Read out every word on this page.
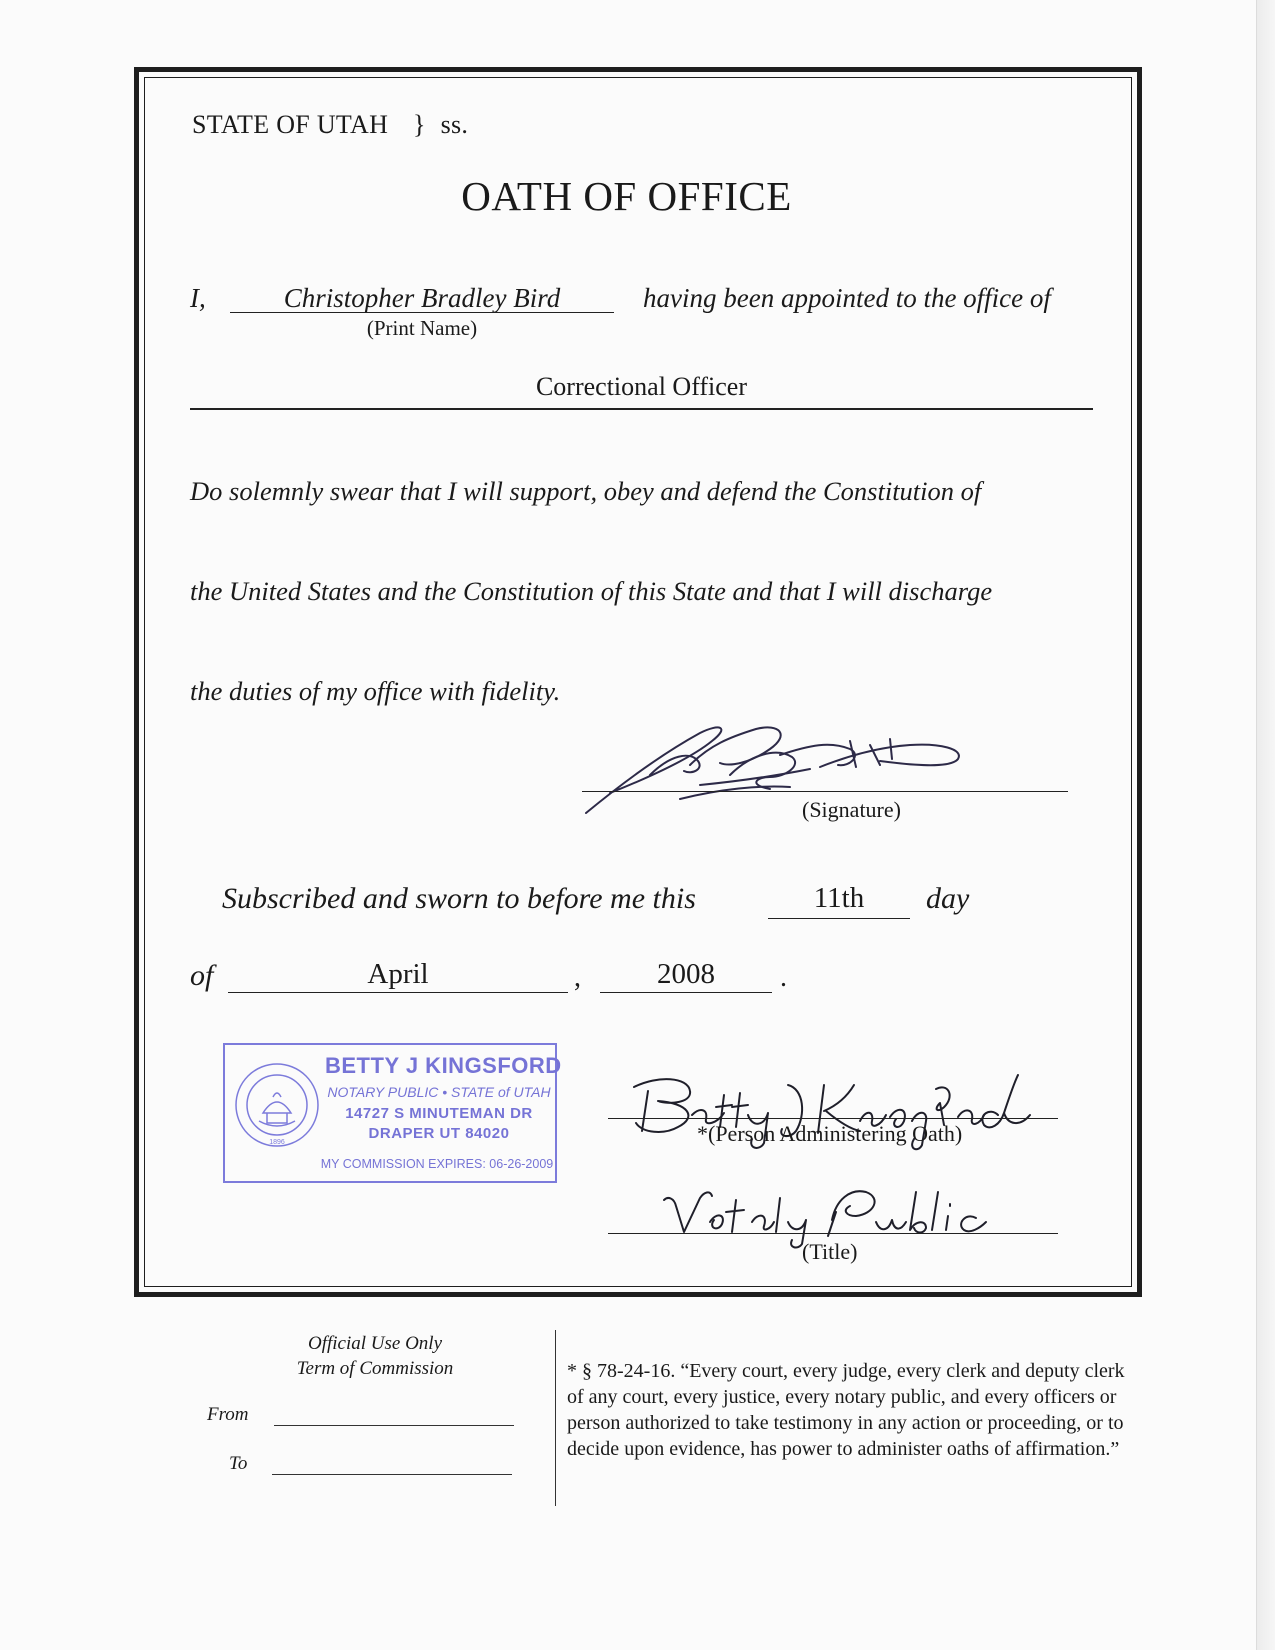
STATE OF UTAH } ss.
OATH OF OFFICE
I,	Christopher Bradley Bird
(Print Name)
having been appointed to the office of
Correctional Officer
Do solemnly swear that I will support, obey and defend the Constitution of
the United States and the Constitution of this State and that I will discharge
the duties of my office with fidelity.
(Signature)
Subscribed and sworn to before me this	11th	day
of	April	,	2008	.
1896
BETTY J KINGSFORD
NOTARY PUBLIC • STATE of UTAH
14727 S MINUTEMAN DR
DRAPER UT 84020
MY COMMISSION EXPIRES: 06-26-2009
*(Person Administering Oath)
(Title)
Official Use Only
Term of Commission
From
To
* § 78-24-16. “Every court, every judge, every clerk and deputy clerk of any court, every justice, every notary public, and every officers or person authorized to take testimony in any action or proceeding, or to decide upon evidence, has power to administer oaths of affirmation.”
